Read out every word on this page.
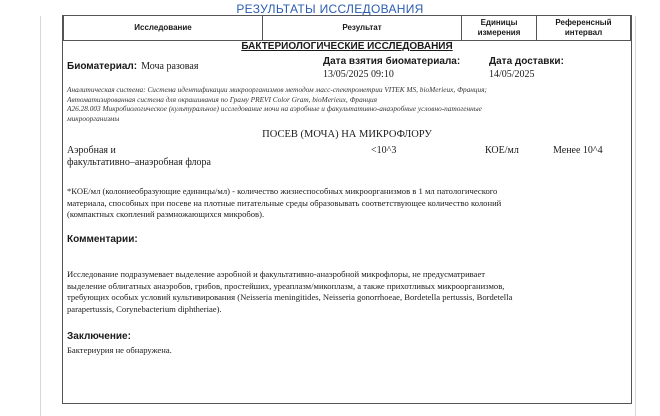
РЕЗУЛЬТАТЫ ИССЛЕДОВАНИЯ
Исследование	Результат	Единицы измерения	Референсный интервал
БАКТЕРИОЛОГИЧЕСКИЕ ИССЛЕДОВАНИЯ
Биоматериал: Моча разовая	Дата взятия биоматериала:
13/05/2025 09:10
Дата доставки:
14/05/2025
Аналитическая система: Система идентификации микроорганизмов методом масс-спектрометрии VITEK MS, bioMerieux, Франция;
Автоматизированная система для окрашивания по Граму PREVI Color Gram, bioMerieux, Франция
A26.28.003 Микробиологическое (культуральное) исследование мочи на аэробные и факультативно-анаэробные условно-патогенные
микроорганизмы
ПОСЕВ (МОЧА) НА МИКРОФЛОРУ
Аэробная и
факультативно–анаэробная флора
<10^3	КОЕ/мл	Менее 10^4
*КОЕ/мл (колониеобразующие единицы/мл) - количество жизнеспособных микроорганизмов в 1 мл патологического
материала, способных при посеве на плотные питательные среды образовывать соответствующее количество колоний
(компактных скоплений размножающихся микробов).
Комментарии:
Исследование подразумевает выделение аэробной и факультативно-анаэробной микрофлоры, не предусматривает
выделение облигатных анаэробов, грибов, простейших, уреаплазм/микоплазм, а также прихотливых микроорганизмов,
требующих особых условий культивирования (Neisseria meningitides, Neisseria gonorrhoeae, Bordetella pertussis, Bordetella
parapertussis, Corynebacterium diphtheriae).
Заключение:
Бактериурия не обнаружена.
